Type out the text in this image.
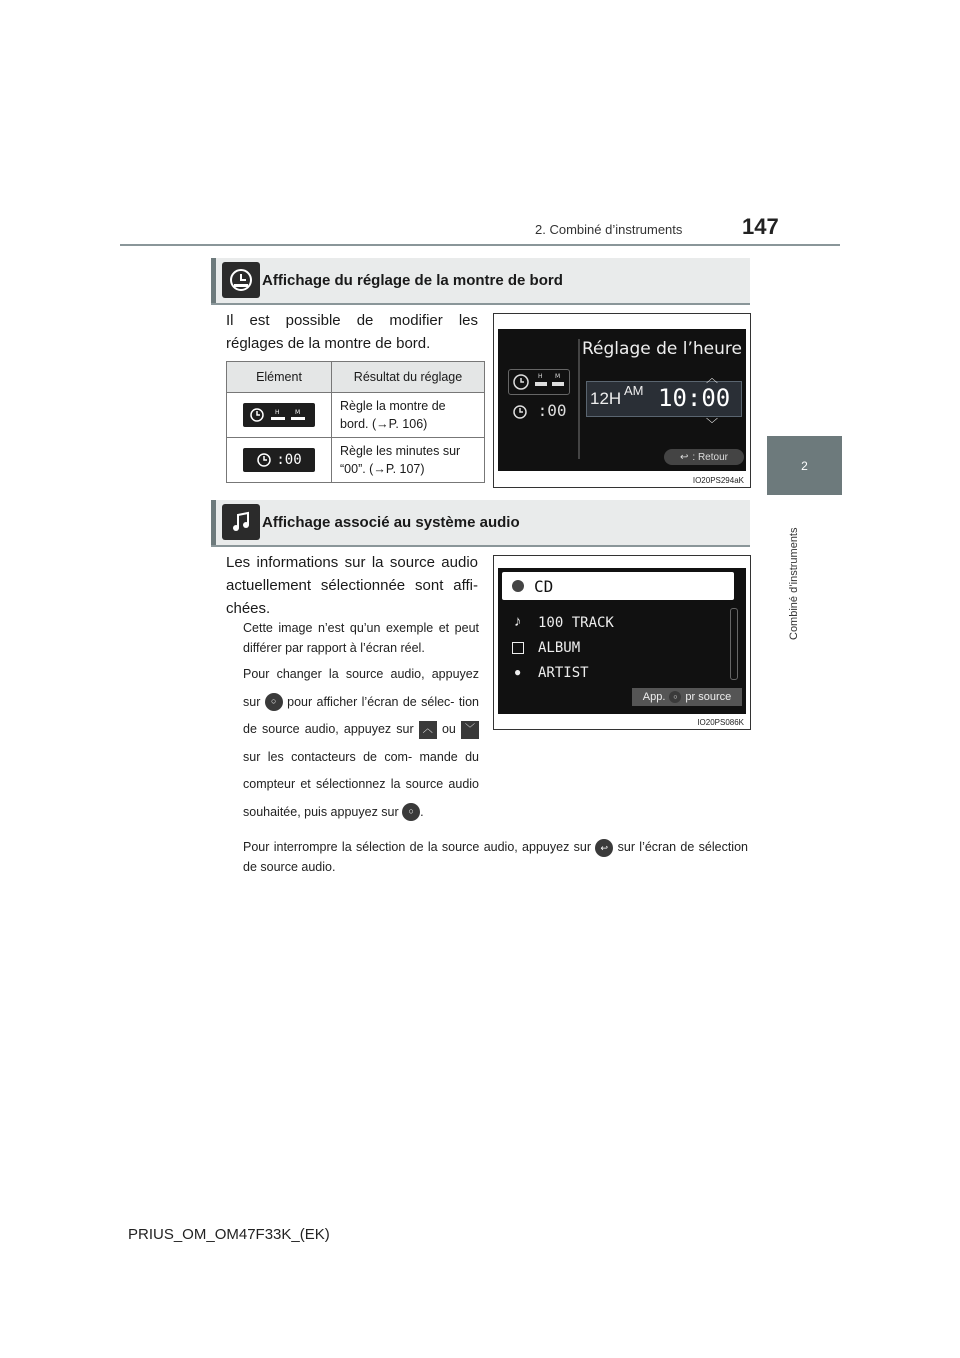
2. Combiné d’instruments	147
2
Combiné d’instruments
Affichage du réglage de la montre de bord
Il est possible de modifier les réglages de la montre de bord.
Elément	Résultat du réglage

H M	Règle la montre de bord. (→P. 106)

:00	Règle les minutes sur “00”. (→P. 107)
H M
:00
Réglage de l’heure
12H AM 10:00
︿
﹀
↩ : Retour
IO20PS294aK
Affichage associé au système audio
Les informations sur la source audio actuellement sélectionnée sont affi- chées.
Cette image n’est qu’un exemple et peut différer par rapport à l’écran réel.
Pour changer la source audio, appuyez sur ○ pour afficher l’écran de sélec- tion de source audio, appuyez sur ︿ ou ﹀ sur les contacteurs de com- mande du compteur et sélectionnez la source audio souhaitée, puis appuyez sur ○ .
Pour interrompre la sélection de la source audio, appuyez sur ↩ sur l’écran de sélection de source audio.
CD
♪ 100 TRACK
ALBUM
● ARTIST
App.	○ pr source
IO20PS086K
PRIUS_OM_OM47F33K_(EK)
